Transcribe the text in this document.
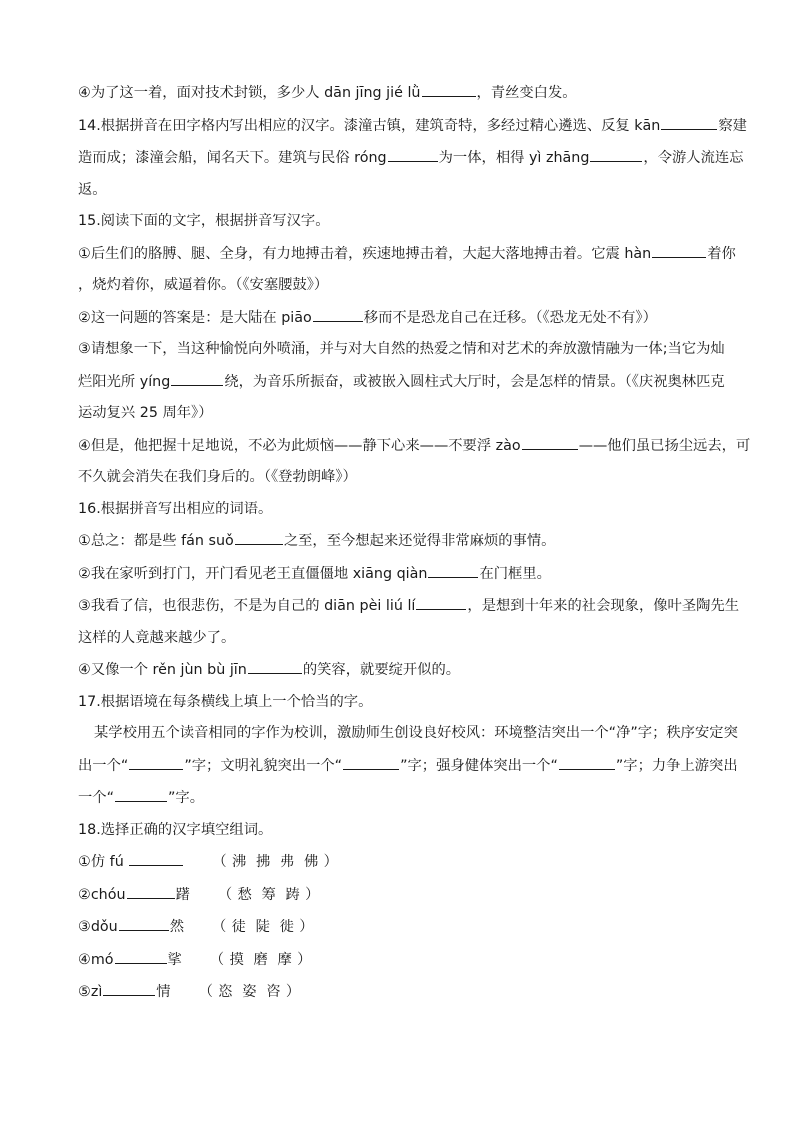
④为了这一着，面对技术封锁，多少人 dān jīng jié lǜ	，青丝变白发。
14.根据拼音在田字格内写出相应的汉字。漆潼古镇，建筑奇特，多经过精心遴选、反复 kān	察建
造而成；漆潼会船，闻名天下。建筑与民俗 róng	为一体，相得 yì zhāng	，令游人流连忘
返。
15.阅读下面的文字，根据拼音写汉字。
①后生们的胳膊、腿、全身，有力地搏击着，疾速地搏击着，大起大落地搏击着。它震 hàn	着你
，烧灼着你，威逼着你。（《安塞腰鼓》）
②这一问题的答案是：是大陆在 piāo	移而不是恐龙自己在迁移。（《恐龙无处不有》）
③请想象一下，当这种愉悦向外喷涌，并与对大自然的热爱之情和对艺术的奔放激情融为一体;当它为灿
烂阳光所 yíng	绕，为音乐所振奋，或被嵌入圆柱式大厅时，会是怎样的情景。（《庆祝奥林匹克
运动复兴 25 周年》）
④但是，他把握十足地说，不必为此烦恼——静下心来——不要浮 zào	——他们虽已扬尘远去，可
不久就会消失在我们身后的。（《登勃朗峰》）
16.根据拼音写出相应的词语。
①总之：都是些 fán suǒ	之至，至今想起来还觉得非常麻烦的事情。
②我在家听到打门，开门看见老王直僵僵地 xiāng qiàn	在门框里。
③我看了信，也很悲伤，不是为自己的 diān pèi liú lí	，是想到十年来的社会现象，像叶圣陶先生
这样的人竟越来越少了。
④又像一个 rěn jùn bù jīn	的笑容，就要绽开似的。
17.根据语境在每条横线上填上一个恰当的字。
某学校用五个读音相同的字作为校训，激励师生创设良好校风：环境整洁突出一个“净”字；秩序安定突
出一个“	”字；文明礼貌突出一个“	”字；强身健体突出一个“	”字；力争上游突出
一个“	”字。
18.选择正确的汉字填空组词。
①仿 fú	（ 沸 拂 弗 佛 ）
②chóu	躇 （ 愁 筹 踌 ）
③dǒu	然 （ 徒 陡 徙 ）
④mó	挲 （ 摸 磨 摩 ）
⑤zì	情 （ 恣 姿 咨 ）
